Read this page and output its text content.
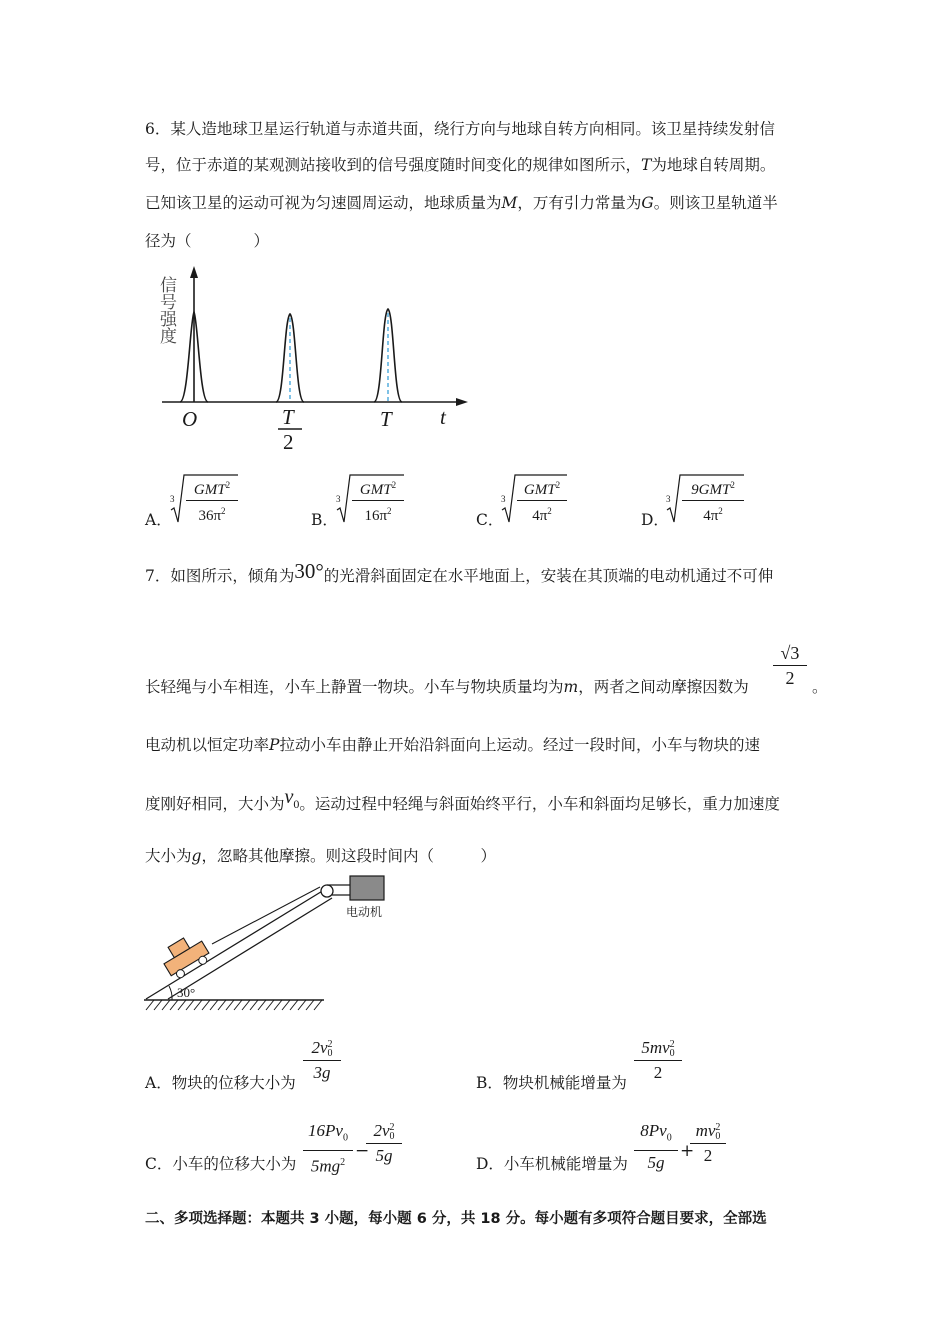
6．某人造地球卫星运行轨道与赤道共面，绕行方向与地球自转方向相同。该卫星持续发射信
号，位于赤道的某观测站接收到的信号强度随时间变化的规律如图所示，T为地球自转周期。
已知该卫星的运动可视为匀速圆周运动，地球质量为M，万有引力常量为G。则该卫星轨道半
径为（　　　　）
信号强度
O	T
2
T t
A．
3
GMT$^2$
$36\pi^2$	B．
3
GMT$^2$
$16\pi^2$	C．
3
GMT$^2$
$4\pi^2$	D．
3
9GMT$^2$
$4\pi^2$
7．如图所示，倾角为30°的光滑斜面固定在水平地面上，安装在其顶端的电动机通过不可伸
长轻绳与小车相连，小车上静置一物块。小车与物块质量均为m，两者之间动摩擦因数为
√3
2	。
电动机以恒定功率P拉动小车由静止开始沿斜面向上运动。经过一段时间，小车与物块的速
度刚好相同，大小为$v_0$。运动过程中轻绳与斜面始终平行，小车和斜面均足够长，重力加速度
大小为g，忽略其他摩擦。则这段时间内（　　　）
电动机
30°
A．物块的位移大小为
2v 2
0
3g
B．物块机械能增量为
5mv 2
0
2
C．小车的位移大小为
$16Pv_0$
$5mg^2$
−
2v 2
0
5g	D．小车机械能增量为
$8Pv_0$
5g
+
mv 2
0
2
二、多项选择题：本题共 3 小题，每小题 6 分，共 18 分。每小题有多项符合题目要求，全部选
